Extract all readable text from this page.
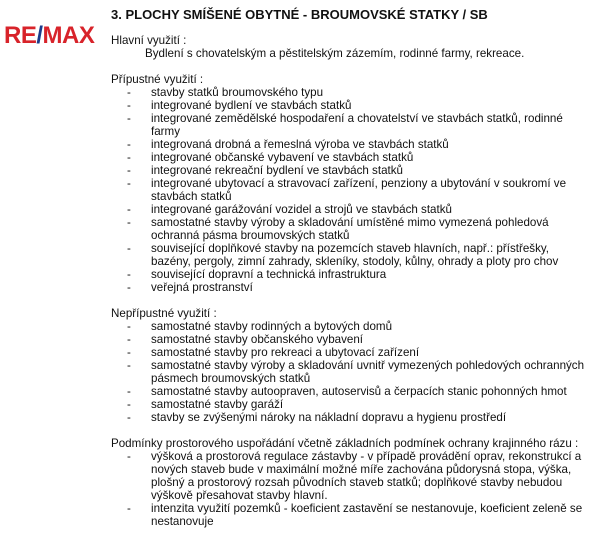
RE/MAX
3. PLOCHY SMÍŠENÉ OBYTNÉ - BROUMOVSKÉ STATKY / SB
Hlavní využití :
Bydlení s chovatelským a pěstitelským zázemím, rodinné farmy, rekreace.
Přípustné využití :
- stavby statků broumovského typu
- integrované bydlení ve stavbách statků
- integrované zemědělské hospodaření a chovatelství ve stavbách statků, rodinné farmy
- integrovaná drobná a řemeslná výroba ve stavbách statků
- integrované občanské vybavení ve stavbách statků
- integrované rekreační bydlení ve stavbách statků
- integrované ubytovací a stravovací zařízení, penziony a ubytování v soukromí ve stavbách statků
- integrované garážování vozidel a strojů ve stavbách statků
- samostatné stavby výroby a skladování umístěné mimo vymezená pohledová ochranná pásma broumovských statků
- související doplňkové stavby na pozemcích staveb hlavních, např.: přístřešky, bazény, pergoly, zimní zahrady, skleníky, stodoly, kůlny, ohrady a ploty pro chov
- související dopravní a technická infrastruktura
- veřejná prostranství
Nepřípustné využití :
- samostatné stavby rodinných a bytových domů
- samostatné stavby občanského vybavení
- samostatné stavby pro rekreaci a ubytovací zařízení
- samostatné stavby výroby a skladování uvnitř vymezených pohledových ochranných pásmech broumovských statků
- samostatné stavby autoopraven, autoservisů a čerpacích stanic pohonných hmot
- samostatné stavby garáží
- stavby se zvýšenými nároky na nákladní dopravu a hygienu prostředí
Podmínky prostorového uspořádání včetně základních podmínek ochrany krajinného rázu :
- výšková a prostorová regulace zástavby - v případě provádění oprav, rekonstrukcí a nových staveb bude v maximální možné míře zachována půdorysná stopa, výška, plošný a prostorový rozsah původních staveb statků; doplňkové stavby nebudou výškově přesahovat stavby hlavní.
- intenzita využití pozemků - koeficient zastavění se nestanovuje, koeficient zeleně se nestanovuje
